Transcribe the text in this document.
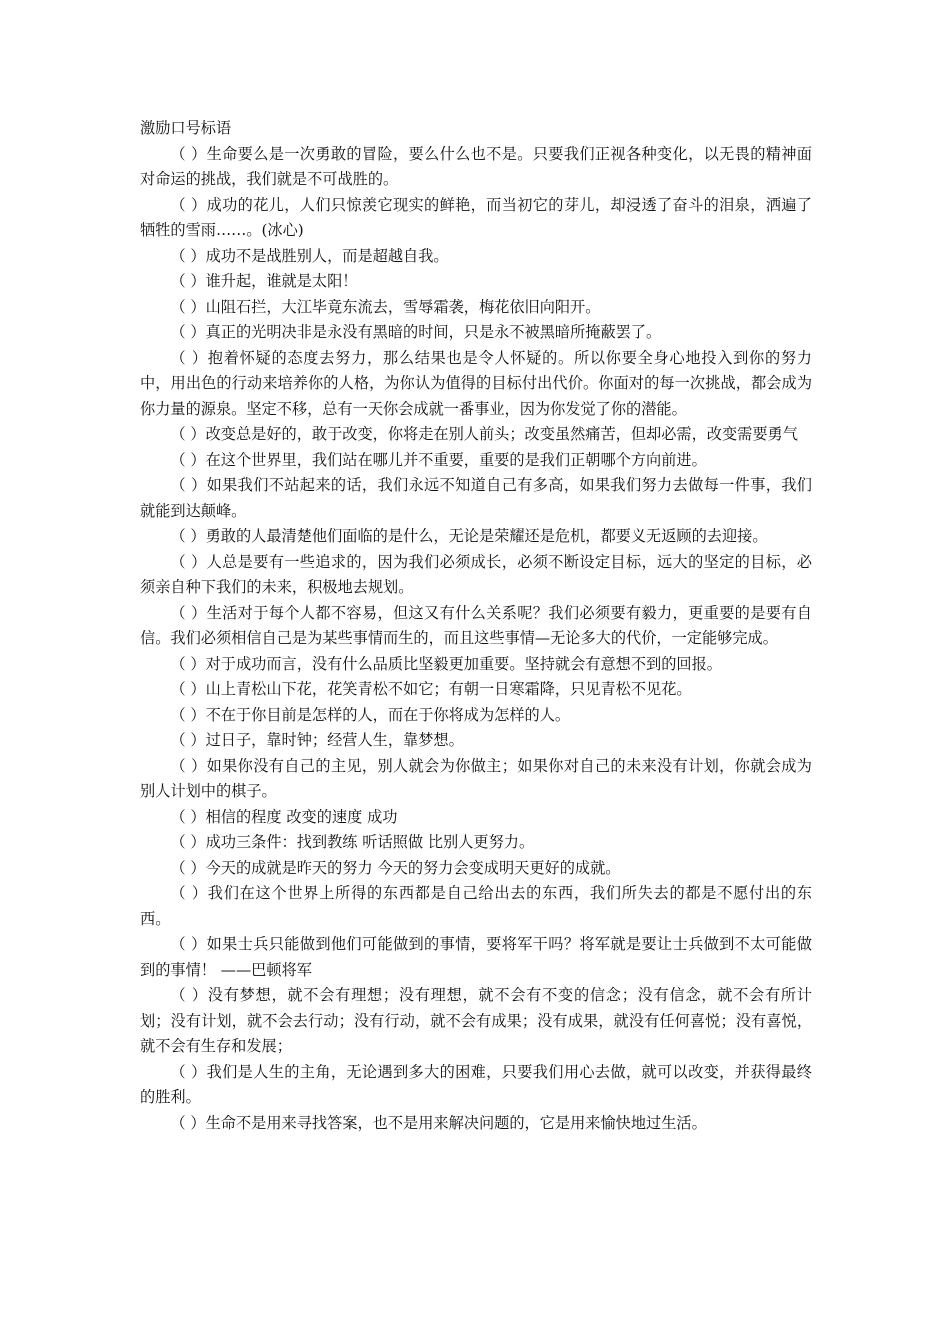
激励口号标语

（ ）生命要么是一次勇敢的冒险，要么什么也不是。只要我们正视各种变化，以无畏的精神面对命运的挑战，我们就是不可战胜的。

（ ）成功的花儿，人们只惊羡它现实的鲜艳，而当初它的芽儿，却浸透了奋斗的泪泉，洒遍了牺牲的雪雨……。(冰心)

（ ）成功不是战胜别人，而是超越自我。

（ ）谁升起，谁就是太阳！

（ ）山阻石拦，大江毕竟东流去，雪辱霜袭，梅花依旧向阳开。

（ ）真正的光明决非是永没有黑暗的时间，只是永不被黑暗所掩蔽罢了。

（ ）抱着怀疑的态度去努力，那么结果也是令人怀疑的。所以你要全身心地投入到你的努力中，用出色的行动来培养你的人格，为你认为值得的目标付出代价。你面对的每一次挑战，都会成为你力量的源泉。坚定不移，总有一天你会成就一番事业，因为你发觉了你的潜能。

（ ）改变总是好的，敢于改变，你将走在别人前头；改变虽然痛苦，但却必需，改变需要勇气

（ ）在这个世界里，我们站在哪儿并不重要，重要的是我们正朝哪个方向前进。

（ ）如果我们不站起来的话，我们永远不知道自己有多高，如果我们努力去做每一件事，我们就能到达颠峰。

（ ）勇敢的人最清楚他们面临的是什么，无论是荣耀还是危机，都要义无返顾的去迎接。

（ ）人总是要有一些追求的，因为我们必须成长，必须不断设定目标，远大的坚定的目标，必须亲自种下我们的未来，积极地去规划。

（ ）生活对于每个人都不容易，但这又有什么关系呢？我们必须要有毅力，更重要的是要有自信。我们必须相信自己是为某些事情而生的，而且这些事情—无论多大的代价，一定能够完成。

（ ）对于成功而言，没有什么品质比坚毅更加重要。坚持就会有意想不到的回报。

（ ）山上青松山下花，花笑青松不如它；有朝一日寒霜降，只见青松不见花。

（ ）不在于你目前是怎样的人，而在于你将成为怎样的人。

（ ）过日子，靠时钟；经营人生，靠梦想。

（ ）如果你没有自己的主见，别人就会为你做主；如果你对自己的未来没有计划，你就会成为别人计划中的棋子。

（ ）相信的程度 改变的速度 成功

（ ）成功三条件：找到教练 听话照做 比别人更努力。

（ ）今天的成就是昨天的努力 今天的努力会变成明天更好的成就。

（ ）我们在这个世界上所得的东西都是自己给出去的东西，我们所失去的都是不愿付出的东西。

（ ）如果士兵只能做到他们可能做到的事情，要将军干吗？将军就是要让士兵做到不太可能做到的事情！ ——巴顿将军

（ ）没有梦想，就不会有理想；没有理想，就不会有不变的信念；没有信念，就不会有所计划；没有计划，就不会去行动；没有行动，就不会有成果；没有成果，就没有任何喜悦；没有喜悦，就不会有生存和发展；

（ ）我们是人生的主角，无论遇到多大的困难，只要我们用心去做，就可以改变，并获得最终的胜利。

（ ）生命不是用来寻找答案，也不是用来解决问题的，它是用来愉快地过生活。
